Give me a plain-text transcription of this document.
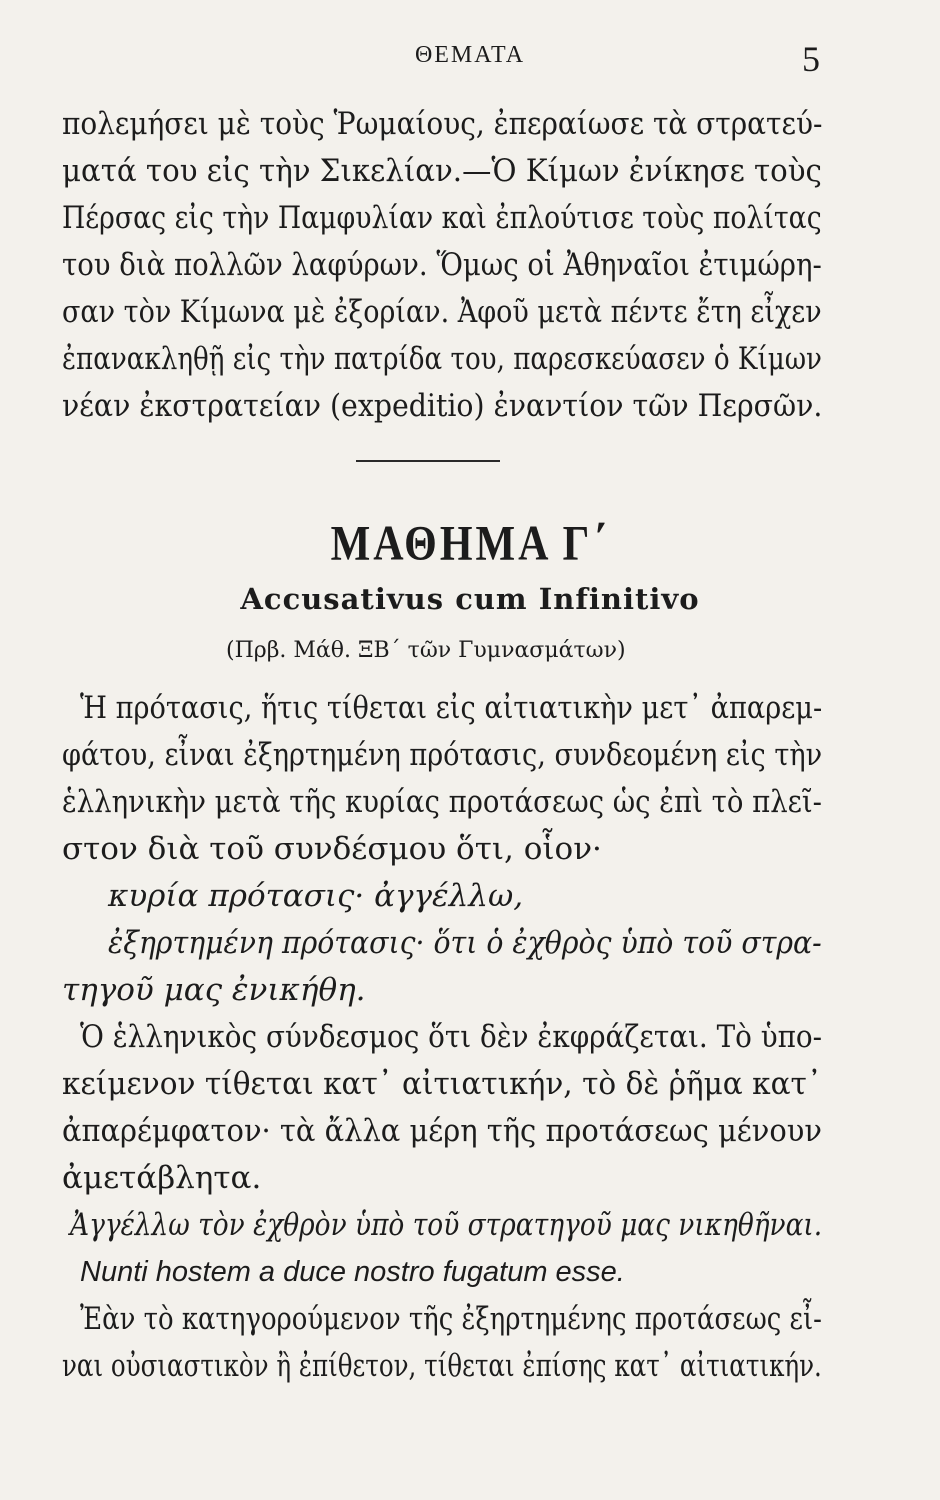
ΘΕΜΑΤΑ	5
πολεμήσει μὲ τοὺς Ῥωμαίους, ἐπεραίωσε τὰ στρατεύ-
ματά του εἰς τὴν Σικελίαν.—Ὁ Κίμων ἐνίκησε τοὺς
Πέρσας εἰς τὴν Παμφυλίαν καὶ ἐπλούτισε τοὺς πολίτας
του διὰ πολλῶν λαφύρων. Ὅμως οἱ Ἀθηναῖοι ἐτιμώρη-
σαν τὸν Κίμωνα μὲ ἐξορίαν. Ἀφοῦ μετὰ πέντε ἔτη εἶχεν
ἐπανακληθῇ εἰς τὴν πατρίδα του, παρεσκεύασεν ὁ Κίμων
νέαν ἐκστρατείαν (expeditio) ἐναντίον τῶν Περσῶν.
ΜΑΘΗΜΑ Γ΄
Accusativus cum Infinitivo
(Πρβ. Μάθ. ΞΒ΄ τῶν Γυμνασμάτων)
Ἡ πρότασις, ἥτις τίθεται εἰς αἰτιατικὴν μετ᾿ ἀπαρεμ-
φάτου, εἶναι ἐξηρτημένη πρότασις, συνδεομένη εἰς τὴν
ἑλληνικὴν μετὰ τῆς κυρίας προτάσεως ὡς ἐπὶ τὸ πλεῖ-
στον διὰ τοῦ συνδέσμου ὅτι, οἷον·
κυρία πρότασις· ἀγγέλλω,
ἐξηρτημένη πρότασις· ὅτι ὁ ἐχθρὸς ὑπὸ τοῦ στρα-
τηγοῦ μας ἐνικήθη.
Ὁ ἑλληνικὸς σύνδεσμος ὅτι δὲν ἐκφράζεται. Τὸ ὑπο-
κείμενον τίθεται κατ᾿ αἰτιατικήν, τὸ δὲ ῥῆμα κατ᾿
ἀπαρέμφατον· τὰ ἄλλα μέρη τῆς προτάσεως μένουν
ἀμετάβλητα.
Ἀγγέλλω τὸν ἐχθρὸν ὑπὸ τοῦ στρατηγοῦ μας νικηθῆναι.
Nunti hostem a duce nostro fugatum esse.
Ἐὰν τὸ κατηγορούμενον τῆς ἐξηρτημένης προτάσεως εἶ-
ναι οὐσιαστικὸν ἢ ἐπίθετον, τίθεται ἐπίσης κατ᾿ αἰτιατικήν.
